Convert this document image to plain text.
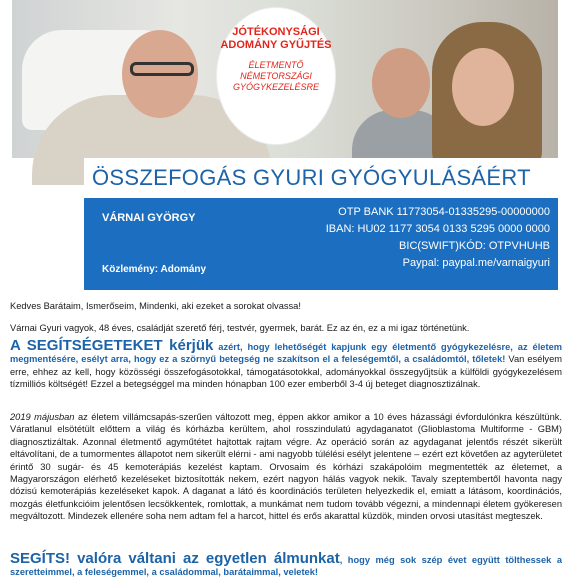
JÓTÉKONYSÁGI ADOMÁNY GYŰJTÉS
ÉLETMENTŐ NÉMETORSZÁGI GYÓGYKEZELÉSRE
ÖSSZEFOGÁS GYURI GYÓGYULÁSÁÉRT
VÁRNAI GYÖRGY
Közlemény: Adomány
OTP BANK 11773054-01335295-00000000
IBAN: HU02 1177 3054 0133 5295 0000 0000
BIC(SWIFT)KÓD: OTPVHUHB
Paypal: paypal.me/varnaigyuri
Kedves Barátaim, Ismerőseim, Mindenki, aki ezeket a sorokat olvassa!
Várnai Gyuri vagyok, 48 éves, családját szerető férj, testvér, gyermek, barát. Ez az én, ez a mi igaz történetünk.
A SEGÍTSÉGETEKET kérjük azért, hogy lehetőségét kapjunk egy életmentő gyógykezelésre, az életem megmentésére, esélyt arra, hogy ez a szörnyű betegség ne szakítson el a feleségemtől, a családomtól, tőletek! Van esélyem erre, ehhez az kell, hogy közösségi összefogásotokkal, támogatásotokkal, adományokkal összegyűjtsük a külföldi gyógykezelésem tízmilliós költségét! Ezzel a betegséggel ma minden hónapban 100 ezer emberből 3-4 új beteget diagnosztizálnak.
2019 májusban az életem villámcsapás-szerűen változott meg, éppen akkor amikor a 10 éves házassági évfordulónkra készültünk. Váratlanul elsötétült előttem a világ és kórházba kerültem, ahol rosszindulatú agydaganatot (Glioblastoma Multiforme - GBM) diagnosztizáltak. Azonnal életmentő agyműtétet hajtottak rajtam végre. Az operáció során az agydaganat jelentős részét sikerült eltávolítani, de a tumormentes állapotot nem sikerült elérni - ami nagyobb túlélési esélyt jelentene – ezért ezt követően az agyterületet érintő 30 sugár- és 45 kemoterápiás kezelést kaptam. Orvosaim és kórházi szakápolóim megmentették az életemet, a Magyarországon elérhető kezeléseket biztosították nekem, ezért nagyon hálás vagyok nekik. Tavaly szeptembertől havonta nagy dózisú kemoterápiás kezeléseket kapok. A daganat a látó és koordinációs területen helyezkedik el, emiatt a látásom, koordinációs, mozgás életfunkcióim jelentősen lecsökkentek, romlottak, a munkámat nem tudom tovább végezni, a mindennapi életem gyökeresen megváltozott. Mindezek ellenére soha nem adtam fel a harcot, hittel és erős akarattal küzdök, minden orvosi utasítást megteszek.
SEGÍTS! valóra váltani az egyetlen álmunkat, hogy még sok szép évet együtt tölthessek a szeretteimmel, a feleségemmel, a családommal, barátaimmal, veletek!
